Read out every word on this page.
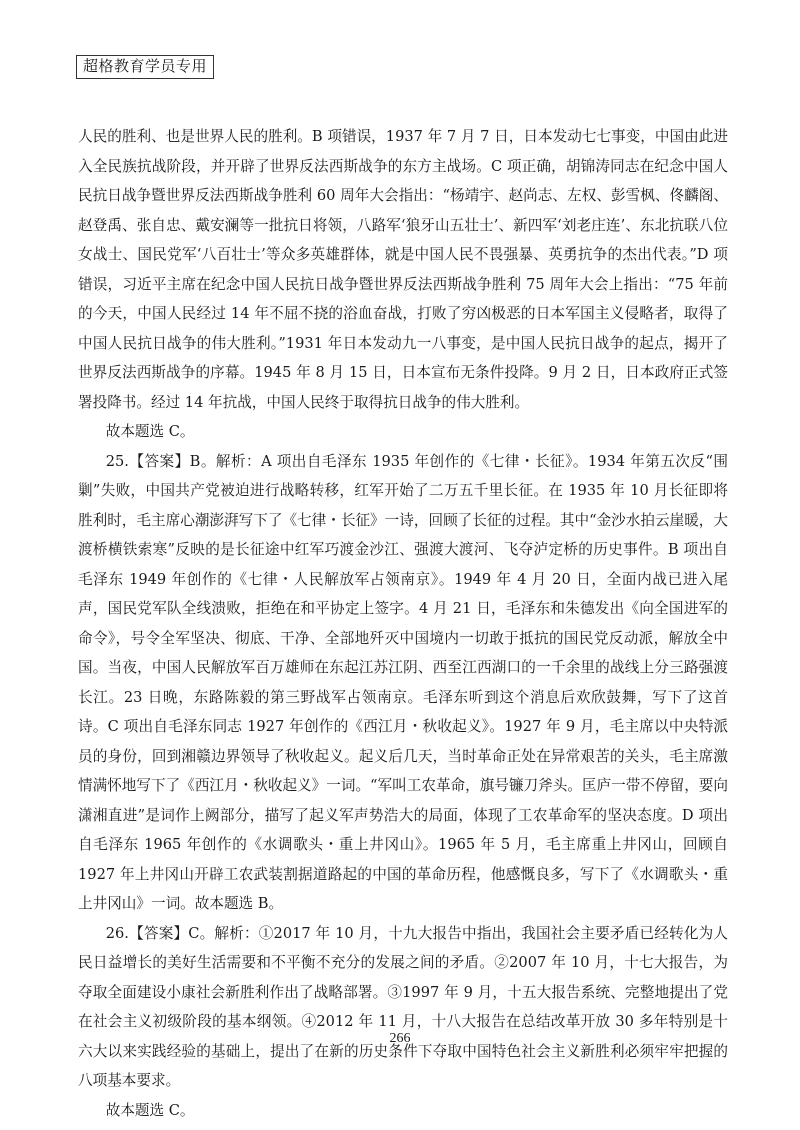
超格教育学员专用

人民的胜利、也是世界人民的胜利。B 项错误，1937 年 7 月 7 日，日本发动七七事变，中国由此进入全民族抗战阶段，并开辟了世界反法西斯战争的东方主战场。C 项正确，胡锦涛同志在纪念中国人民抗日战争暨世界反法西斯战争胜利 60 周年大会指出：“杨靖宇、赵尚志、左权、彭雪枫、佟麟阁、赵登禹、张自忠、戴安澜等一批抗日将领，八路军‘狼牙山五壮士’、新四军‘刘老庄连’、东北抗联八位女战士、国民党军‘八百壮士’等众多英雄群体，就是中国人民不畏强暴、英勇抗争的杰出代表。”D 项错误，习近平主席在纪念中国人民抗日战争暨世界反法西斯战争胜利 75 周年大会上指出：“75 年前的今天，中国人民经过 14 年不屈不挠的浴血奋战，打败了穷凶极恶的日本军国主义侵略者，取得了中国人民抗日战争的伟大胜利。”1931 年日本发动九一八事变，是中国人民抗日战争的起点，揭开了世界反法西斯战争的序幕。1945 年 8 月 15 日，日本宣布无条件投降。9 月 2 日，日本政府正式签署投降书。经过 14 年抗战，中国人民终于取得抗日战争的伟大胜利。

故本题选 C。

25.【答案】B。解析：A 项出自毛泽东 1935 年创作的《七律・长征》。1934 年第五次反“围剿”失败，中国共产党被迫进行战略转移，红军开始了二万五千里长征。在 1935 年 10 月长征即将胜利时，毛主席心潮澎湃写下了《七律・长征》一诗，回顾了长征的过程。其中“金沙水拍云崖暖，大渡桥横铁索寒”反映的是长征途中红军巧渡金沙江、强渡大渡河、飞夺泸定桥的历史事件。B 项出自毛泽东 1949 年创作的《七律・人民解放军占领南京》。1949 年 4 月 20 日，全面内战已进入尾声，国民党军队全线溃败，拒绝在和平协定上签字。4 月 21 日，毛泽东和朱德发出《向全国进军的命令》，号令全军坚决、彻底、干净、全部地歼灭中国境内一切敢于抵抗的国民党反动派，解放全中国。当夜，中国人民解放军百万雄师在东起江苏江阴、西至江西湖口的一千余里的战线上分三路强渡长江。23 日晚，东路陈毅的第三野战军占领南京。毛泽东听到这个消息后欢欣鼓舞，写下了这首诗。C 项出自毛泽东同志 1927 年创作的《西江月・秋收起义》。1927 年 9 月，毛主席以中央特派员的身份，回到湘赣边界领导了秋收起义。起义后几天，当时革命正处在异常艰苦的关头，毛主席激情满怀地写下了《西江月・秋收起义》一词。“军叫工农革命，旗号镰刀斧头。匡庐一带不停留，要向潇湘直进”是词作上阙部分，描写了起义军声势浩大的局面，体现了工农革命军的坚决态度。D 项出自毛泽东 1965 年创作的《水调歌头・重上井冈山》。1965 年 5 月，毛主席重上井冈山，回顾自 1927 年上井冈山开辟工农武装割据道路起的中国的革命历程，他感慨良多，写下了《水调歌头・重上井冈山》一词。故本题选 B。

26.【答案】C。解析：①2017 年 10 月，十九大报告中指出，我国社会主要矛盾已经转化为人民日益增长的美好生活需要和不平衡不充分的发展之间的矛盾。②2007 年 10 月，十七大报告，为夺取全面建设小康社会新胜利作出了战略部署。③1997 年 9 月，十五大报告系统、完整地提出了党在社会主义初级阶段的基本纲领。④2012 年 11 月，十八大报告在总结改革开放 30 多年特别是十六大以来实践经验的基础上，提出了在新的历史条件下夺取中国特色社会主义新胜利必须牢牢把握的八项基本要求。

故本题选 C。

266
